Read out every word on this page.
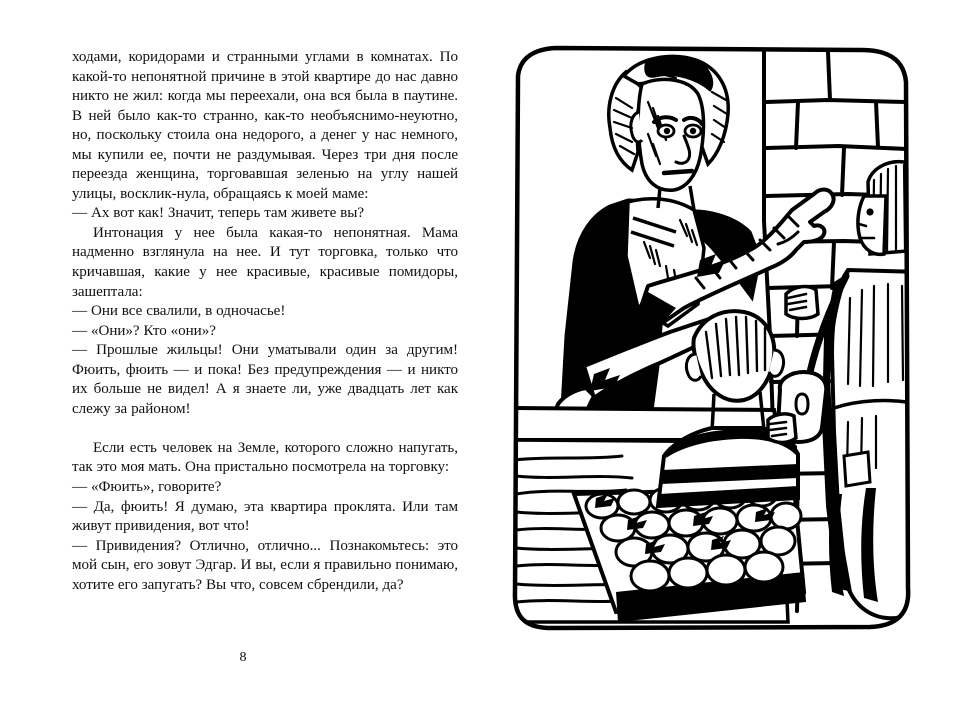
ходами, коридорами и странными углами в комнатах. По какой-то непонятной причине в этой квартире до нас давно никто не жил: когда мы переехали, она вся была в паутине. В ней было как-то странно, как-то необъяснимо-неуютно, но, поскольку стоила она недорого, а денег у нас немного, мы купили ее, почти не раздумывая. Через три дня после переезда женщина, торговавшая зеленью на углу нашей улицы, восклик-нула, обращаясь к моей маме:

— Ах вот как! Значит, теперь там живете вы?

Интонация у нее была какая-то непонятная. Мама надменно взглянула на нее. И тут торговка, только что кричавшая, какие у нее красивые, красивые помидоры, зашептала:

— Они все свалили, в одночасье!

— «Они»? Кто «они»?

— Прошлые жильцы! Они уматывали один за другим! Фюить, фюить — и пока! Без предупреждения — и никто их больше не видел! А я знаете ли, уже двадцать лет как слежу за районом!

Если есть человек на Земле, которого сложно напугать, так это моя мать. Она пристально посмотрела на торговку:

— «Фюить», говорите?

— Да, фюить! Я думаю, эта квартира проклята. Или там живут привидения, вот что!

— Привидения? Отлично, отлично... Познакомьтесь: это мой сын, его зовут Эдгар. И вы, если я правильно понимаю, хотите его запугать? Вы что, совсем сбрендили, да?

8
